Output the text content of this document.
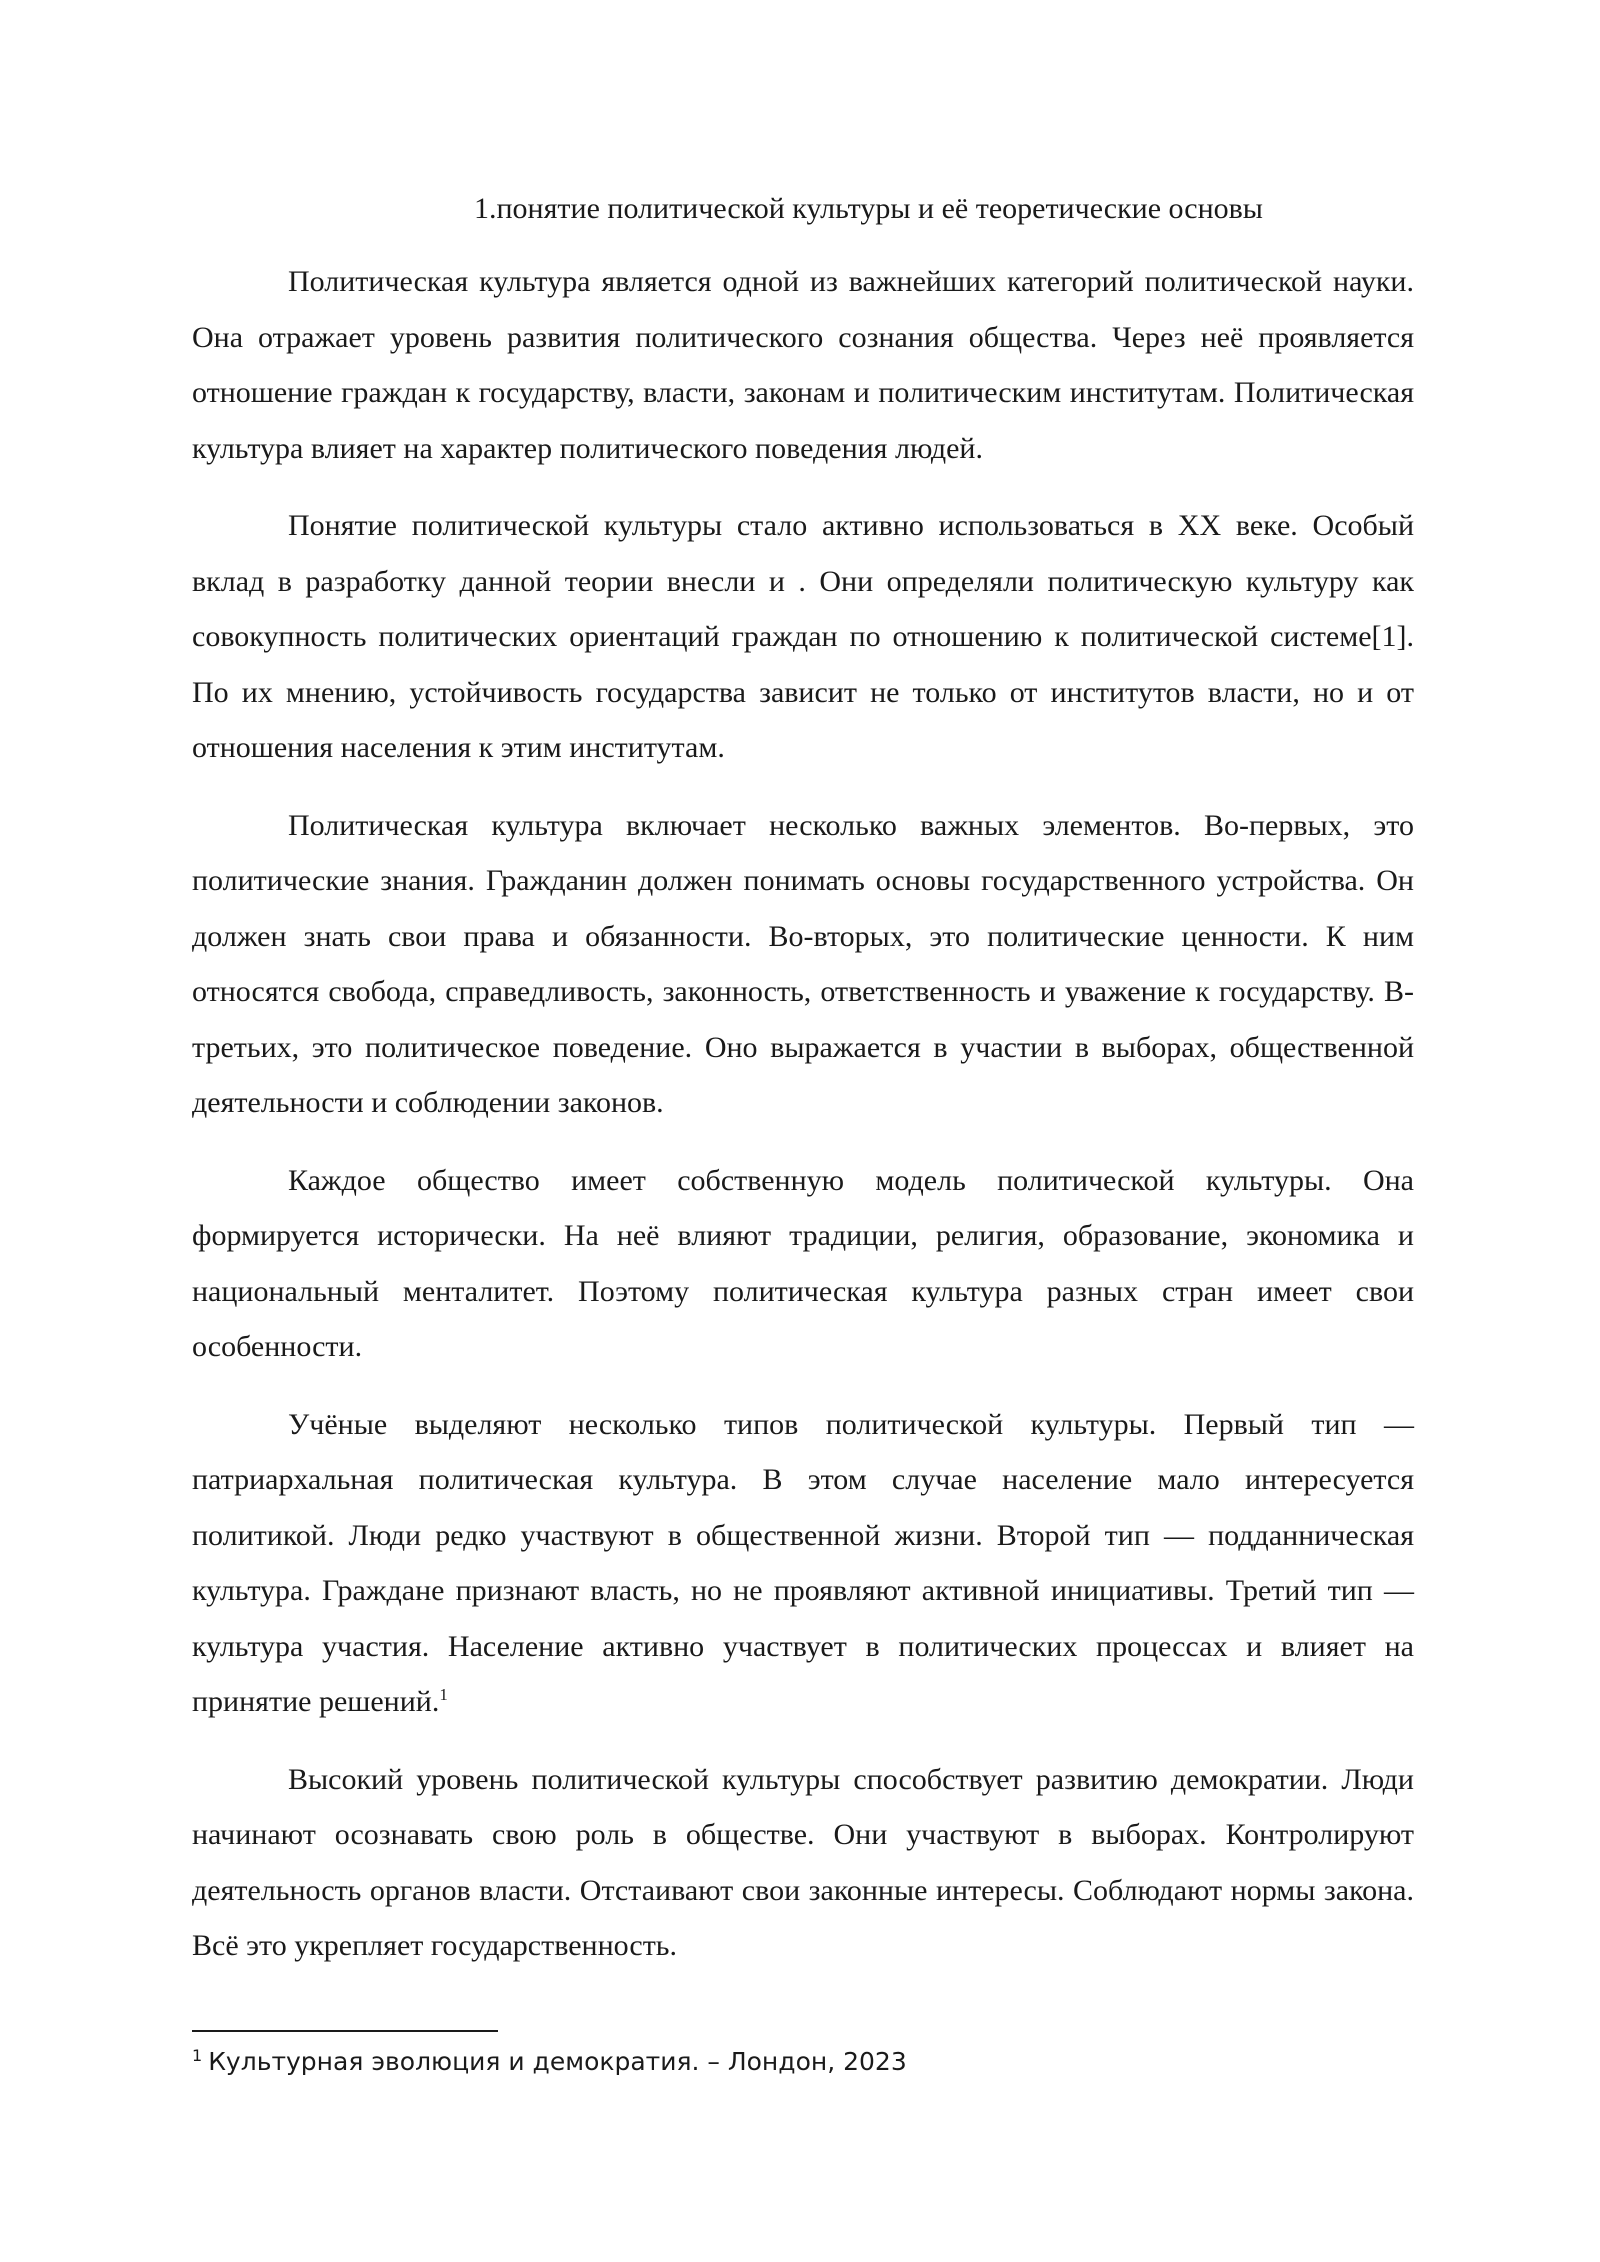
1.понятие политической культуры и её теоретические основы

Политическая культура является одной из важнейших категорий политической науки. Она отражает уровень развития политического сознания общества. Через неё проявляется отношение граждан к государству, власти, законам и политическим институтам. Политическая культура влияет на характер политического поведения людей.

Понятие политической культуры стало активно использоваться в XX веке. Особый вклад в разработку данной теории внесли и . Они определяли политическую культуру как совокупность политических ориентаций граждан по отношению к политической системе[1]. По их мнению, устойчивость государства зависит не только от институтов власти, но и от отношения населения к этим институтам.

Политическая культура включает несколько важных элементов. Во-первых, это политические знания. Гражданин должен понимать основы государственного устройства. Он должен знать свои права и обязанности. Во-вторых, это политические ценности. К ним относятся свобода, справедливость, законность, ответственность и уважение к государству. В-третьих, это политическое поведение. Оно выражается в участии в выборах, общественной деятельности и соблюдении законов.

Каждое общество имеет собственную модель политической культуры. Она формируется исторически. На неё влияют традиции, религия, образование, экономика и национальный менталитет. Поэтому политическая культура разных стран имеет свои особенности.

Учёные выделяют несколько типов политической культуры. Первый тип — патриархальная политическая культура. В этом случае население мало интересуется политикой. Люди редко участвуют в общественной жизни. Второй тип — подданническая культура. Граждане признают власть, но не проявляют активной инициативы. Третий тип — культура участия. Население активно участвует в политических процессах и влияет на принятие решений.$^1$

Высокий уровень политической культуры способствует развитию демократии. Люди начинают осознавать свою роль в обществе. Они участвуют в выборах. Контролируют деятельность органов власти. Отстаивают свои законные интересы. Соблюдают нормы закона. Всё это укрепляет государственность.

$^1$ Культурная эволюция и демократия. – Лондон, 2023
